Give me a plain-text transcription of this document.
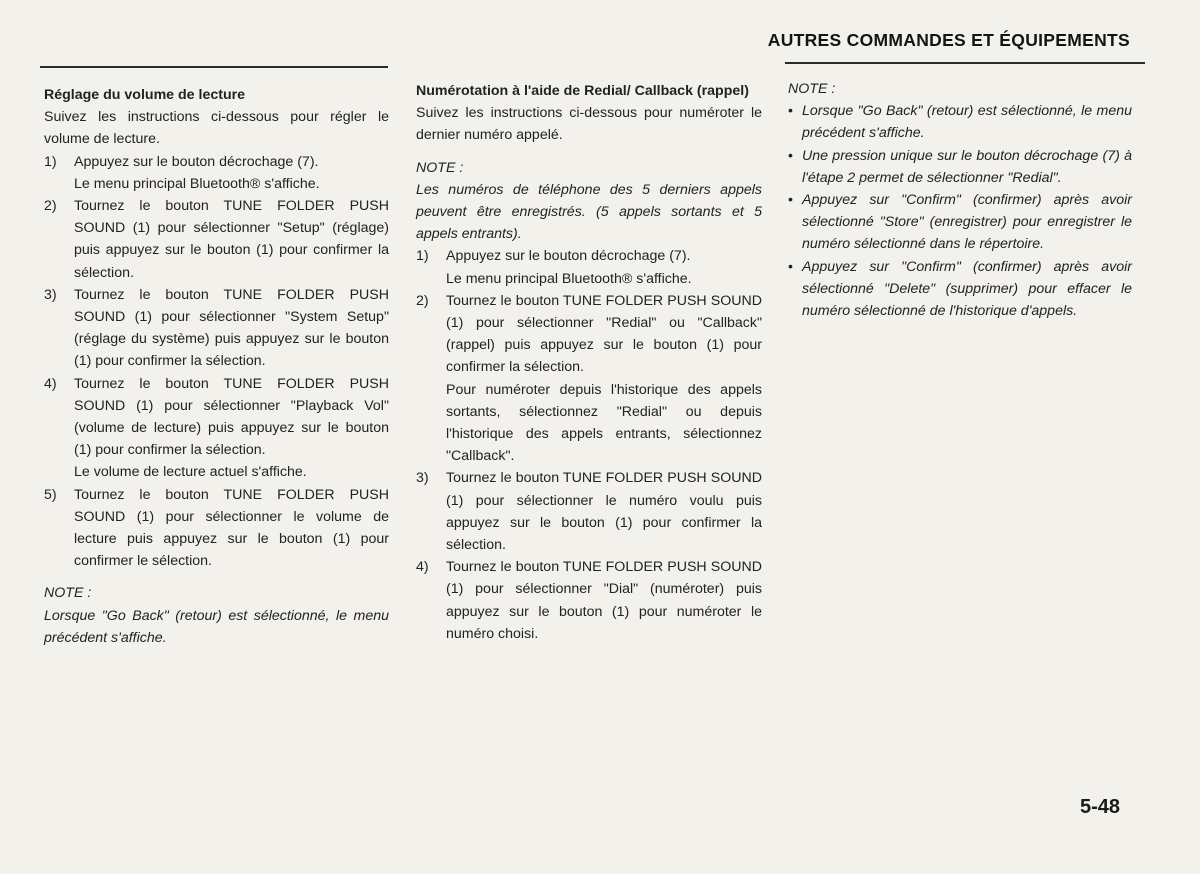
AUTRES COMMANDES ET ÉQUIPEMENTS
Réglage du volume de lecture
Suivez les instructions ci-dessous pour régler le volume de lecture.
1)	Appuyez sur le bouton décrochage (7).
Le menu principal Bluetooth® s'affiche.
2)	Tournez le bouton TUNE FOLDER PUSH SOUND (1) pour sélectionner "Setup" (réglage) puis appuyez sur le bouton (1) pour confirmer la sélection.
3)	Tournez le bouton TUNE FOLDER PUSH SOUND (1) pour sélectionner "System Setup" (réglage du système) puis appuyez sur le bouton (1) pour confirmer la sélection.
4)	Tournez le bouton TUNE FOLDER PUSH SOUND (1) pour sélectionner "Playback Vol" (volume de lecture) puis appuyez sur le bouton (1) pour confirmer la sélection.
Le volume de lecture actuel s'affiche.
5)	Tournez le bouton TUNE FOLDER PUSH SOUND (1) pour sélectionner le volume de lecture puis appuyez sur le bouton (1) pour confirmer le sélection.
NOTE :
Lorsque "Go Back" (retour) est sélectionné, le menu précédent s'affiche.
Numérotation à l'aide de Redial/ Callback (rappel)
Suivez les instructions ci-dessous pour numéroter le dernier numéro appelé.
NOTE :
Les numéros de téléphone des 5 derniers appels peuvent être enregistrés. (5 appels sortants et 5 appels entrants).
1)	Appuyez sur le bouton décrochage (7).
Le menu principal Bluetooth® s'affiche.
2)	Tournez le bouton TUNE FOLDER PUSH SOUND (1) pour sélectionner "Redial" ou "Callback" (rappel) puis appuyez sur le bouton (1) pour confirmer la sélection.
Pour numéroter depuis l'historique des appels sortants, sélectionnez "Redial" ou depuis l'historique des appels entrants, sélectionnez "Callback".
3)	Tournez le bouton TUNE FOLDER PUSH SOUND (1) pour sélectionner le numéro voulu puis appuyez sur le bouton (1) pour confirmer la sélection.
4)	Tournez le bouton TUNE FOLDER PUSH SOUND (1) pour sélectionner "Dial" (numéroter) puis appuyez sur le bouton (1) pour numéroter le numéro choisi.
NOTE :
• Lorsque "Go Back" (retour) est sélectionné, le menu précédent s'affiche.
• Une pression unique sur le bouton décrochage (7) à l'étape 2 permet de sélectionner "Redial".
• Appuyez sur "Confirm" (confirmer) après avoir sélectionné "Store" (enregistrer) pour enregistrer le numéro sélectionné dans le répertoire.
• Appuyez sur "Confirm" (confirmer) après avoir sélectionné "Delete" (supprimer) pour effacer le numéro sélectionné de l'historique d'appels.
5-48
